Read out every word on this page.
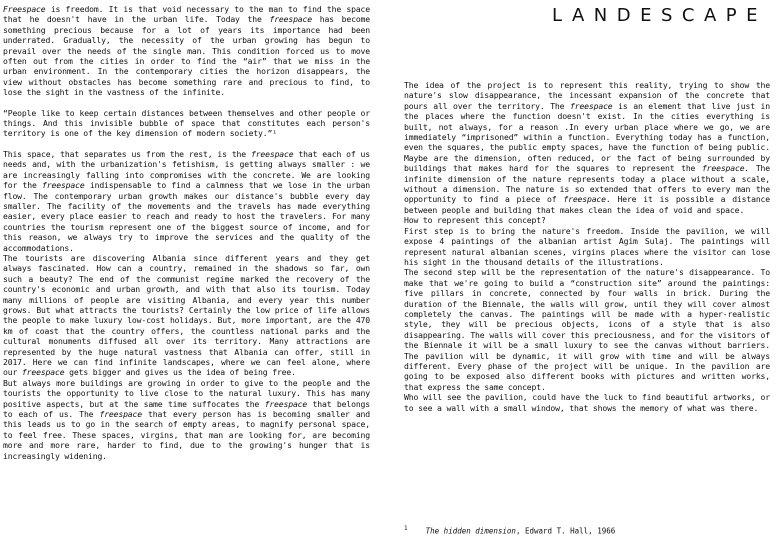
LANDESCAPE

Freespace is freedom. It is that void necessary to the man to find the space that he doesn't have in the urban life. Today the freespace has become something precious because for a lot of years its importance had been underrated. Gradually, the necessity of the urban growing has begun to prevail over the needs of the single man. This condition forced us to move often out from the cities in order to find the “air” that we miss in the urban environment. In the contemporary cities the horizon disappears, the view without obstacles has become something rare and precious to find, to lose the sight in the vastness of the infinite.

“People like to keep certain distances between themselves and other people or things. And this invisible bubble of space that constitutes each person's territory is one of the key dimension of modern society.”¹

This space, that separates us from the rest, is the freespace that each of us needs and, with the urbanization's fetishism, is getting always smaller : we are increasingly falling into compromises with the concrete. We are looking for the freespace indispensable to find a calmness that we lose in the urban flow. The contemporary urban growth makes our distance's bubble every day smaller. The facility of the movements and the travels has made everything easier, every place easier to reach and ready to host the travelers. For many countries the tourism represent one of the biggest source of income, and for this reason, we always try to improve the services and the quality of the accommodations.

The tourists are discovering Albania since different years and they get always fascinated. How can a country, remained in the shadows so far, own such a beauty? The end of the communist regime marked the recovery of the country's economic and urban growth, and with that also its tourism. Today many millions of people are visiting Albania, and every year this number grows. But what attracts the tourists? Certainly the low price of life allows the people to make luxury low-cost holidays. But, more important, are the 470 km of coast that the country offers, the countless national parks and the cultural monuments diffused all over its territory. Many attractions are represented by the huge natural vastness that Albania can offer, still in 2017. Here we can find infinite landscapes, where we can feel alone, where our freespace gets bigger and gives us the idea of being free.

But always more buildings are growing in order to give to the people and the tourists the opportunity to live close to the natural luxury. This has many positive aspects, but at the same time suffocates the freespace that belongs to each of us. The freespace that every person has is becoming smaller and this leads us to go in the search of empty areas, to magnify personal space, to feel free. These spaces, virgins, that man are looking for, are becoming more and more rare, harder to find, due to the growing's hunger that is increasingly widening.

The idea of the project is to represent this reality, trying to show the nature's slow disappearance, the incessant expansion of the concrete that pours all over the territory. The freespace is an element that live just in the places where the function doesn't exist. In the cities everything is built, not always, for a reason .In every urban place where we go, we are immediately “imprisoned” within a function. Everything today has a function, even the squares, the public empty spaces, have the function of being public. Maybe are the dimension, often reduced, or the fact of being surrounded by buildings that makes hard for the squares to represent the freespace. The infinite dimension of the nature represents today a place without a scale, without a dimension. The nature is so extended that offers to every man the opportunity to find a piece of freespace. Here it is possible a distance between people and building that makes clean the idea of void and space.

How to represent this concept?

First step is to bring the nature's freedom. Inside the pavilion, we will expose 4 paintings of the albanian artist Agim Sulaj. The paintings will represent natural albanian scenes, virgins places where the visitor can lose his sight in the thousand details of the illustrations.

The second step will be the representation of the nature's disappearance. To make that we're going to build a “construction site” around the paintings: five pillars in concrete, connected by four walls in brick. During the duration of the Biennale, the walls will grow, until they will cover almost completely the canvas. The paintings will be made with a hyper-realistic style, they will be precious objects, icons of a style that is also disappearing. The walls will cover this preciousness, and for the visitors of the Biennale it will be a small luxury to see the canvas without barriers. The pavilion will be dynamic, it will grow with time and will be always different. Every phase of the project will be unique. In the pavilion are going to be exposed also different books with pictures and written works, that express the same concept.

Who will see the pavilion, could have the luck to find beautiful artworks, or to see a wall with a small window, that shows the memory of what was there.

$^1$ The hidden dimension, Edward T. Hall, 1966
